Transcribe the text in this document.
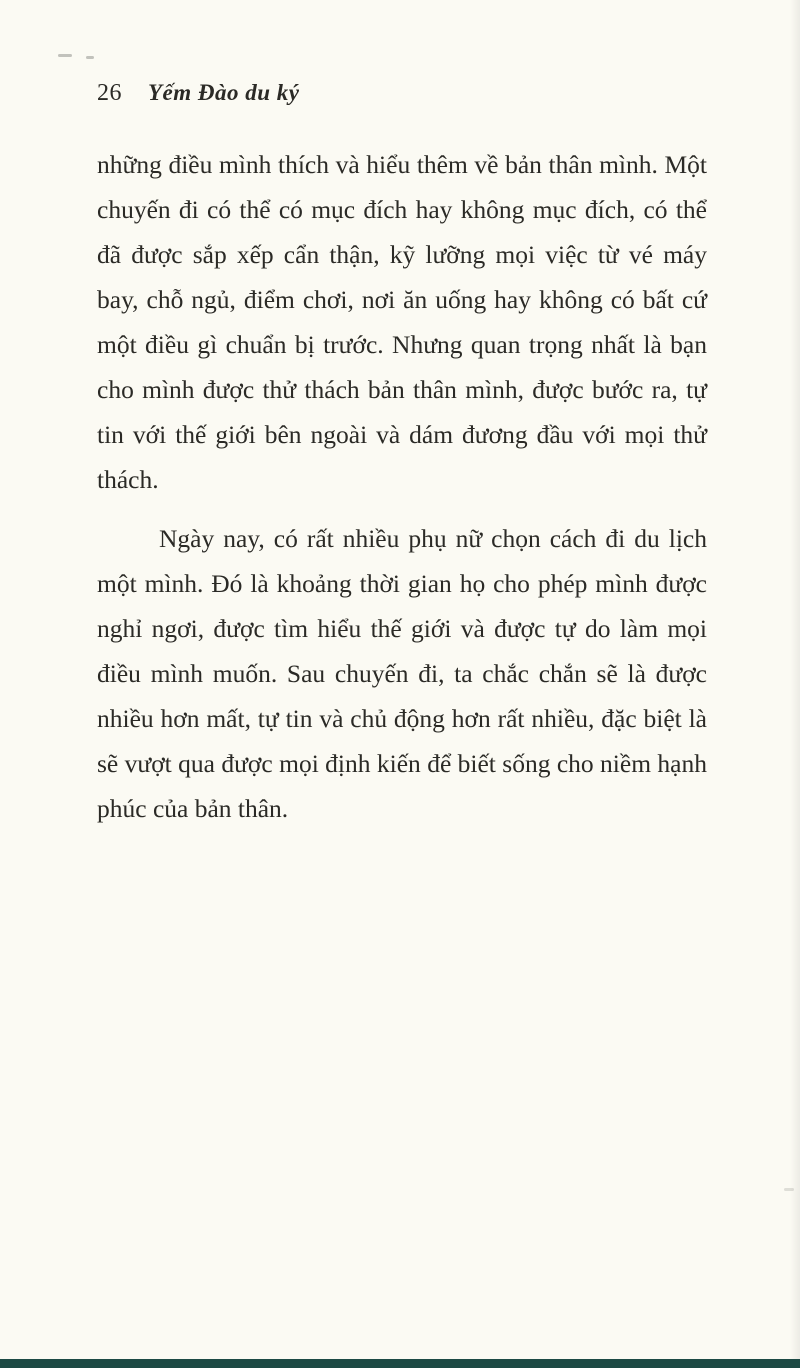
26 Yếm Đào du ký

những điều mình thích và hiểu thêm về bản thân mình. Một chuyến đi có thể có mục đích hay không mục đích, có thể đã được sắp xếp cẩn thận, kỹ lưỡng mọi việc từ vé máy bay, chỗ ngủ, điểm chơi, nơi ăn uống hay không có bất cứ một điều gì chuẩn bị trước. Nhưng quan trọng nhất là bạn cho mình được thử thách bản thân mình, được bước ra, tự tin với thế giới bên ngoài và dám đương đầu với mọi thử thách.

Ngày nay, có rất nhiều phụ nữ chọn cách đi du lịch một mình. Đó là khoảng thời gian họ cho phép mình được nghỉ ngơi, được tìm hiểu thế giới và được tự do làm mọi điều mình muốn. Sau chuyến đi, ta chắc chắn sẽ là được nhiều hơn mất, tự tin và chủ động hơn rất nhiều, đặc biệt là sẽ vượt qua được mọi định kiến để biết sống cho niềm hạnh phúc của bản thân.
